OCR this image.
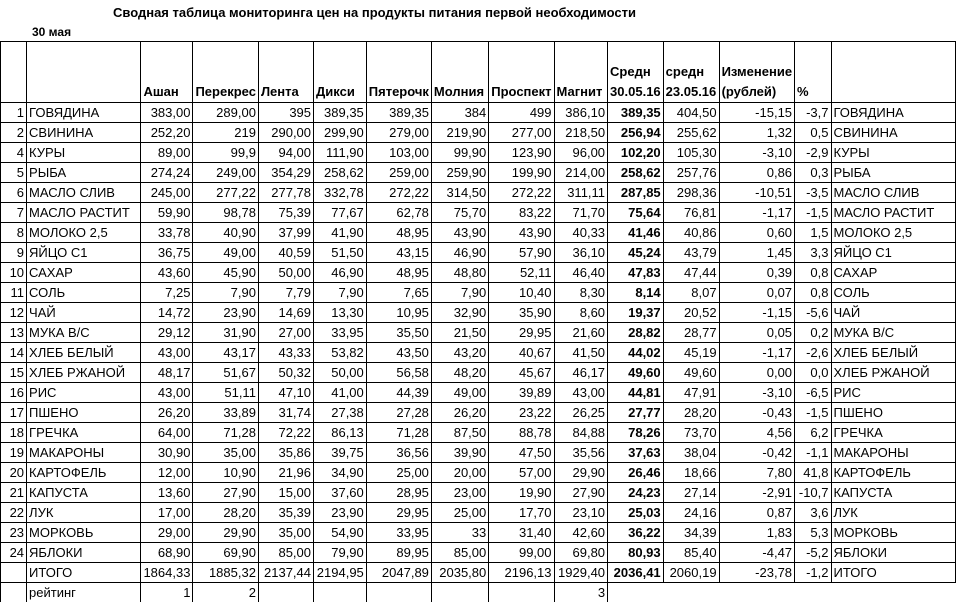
Сводная таблица мониторинга цен на продукты питания первой необходимости
30 мая
		Ашан	Перекрес	Лента	Дикси	Пятерочк	Молния	Проспект	Магнит	Средн 30.05.16	средн 23.05.16	Изменение (рублей)	%	
1	ГОВЯДИНА	383,00	289,00	395	389,35	389,35	384	499	386,10	389,35	404,50	-15,15	-3,7	ГОВЯДИНА
2	СВИНИНА	252,20	219	290,00	299,90	279,00	219,90	277,00	218,50	256,94	255,62	1,32	0,5	СВИНИНА
4	КУРЫ	89,00	99,9	94,00	111,90	103,00	99,90	123,90	96,00	102,20	105,30	-3,10	-2,9	КУРЫ
5	РЫБА	274,24	249,00	354,29	258,62	259,00	259,90	199,90	214,00	258,62	257,76	0,86	0,3	РЫБА
6	МАСЛО СЛИВ	245,00	277,22	277,78	332,78	272,22	314,50	272,22	311,11	287,85	298,36	-10,51	-3,5	МАСЛО СЛИВ
7	МАСЛО РАСТИТ	59,90	98,78	75,39	77,67	62,78	75,70	83,22	71,70	75,64	76,81	-1,17	-1,5	МАСЛО РАСТИТ
8	МОЛОКО 2,5	33,78	40,90	37,99	41,90	48,95	43,90	43,90	40,33	41,46	40,86	0,60	1,5	МОЛОКО 2,5
9	ЯЙЦО С1	36,75	49,00	40,59	51,50	43,15	46,90	57,90	36,10	45,24	43,79	1,45	3,3	ЯЙЦО С1
10	САХАР	43,60	45,90	50,00	46,90	48,95	48,80	52,11	46,40	47,83	47,44	0,39	0,8	САХАР
11	СОЛЬ	7,25	7,90	7,79	7,90	7,65	7,90	10,40	8,30	8,14	8,07	0,07	0,8	СОЛЬ
12	ЧАЙ	14,72	23,90	14,69	13,30	10,95	32,90	35,90	8,60	19,37	20,52	-1,15	-5,6	ЧАЙ
13	МУКА В/С	29,12	31,90	27,00	33,95	35,50	21,50	29,95	21,60	28,82	28,77	0,05	0,2	МУКА В/С
14	ХЛЕБ БЕЛЫЙ	43,00	43,17	43,33	53,82	43,50	43,20	40,67	41,50	44,02	45,19	-1,17	-2,6	ХЛЕБ БЕЛЫЙ
15	ХЛЕБ РЖАНОЙ	48,17	51,67	50,32	50,00	56,58	48,20	45,67	46,17	49,60	49,60	0,00	0,0	ХЛЕБ РЖАНОЙ
16	РИС	43,00	51,11	47,10	41,00	44,39	49,00	39,89	43,00	44,81	47,91	-3,10	-6,5	РИС
17	ПШЕНО	26,20	33,89	31,74	27,38	27,28	26,20	23,22	26,25	27,77	28,20	-0,43	-1,5	ПШЕНО
18	ГРЕЧКА	64,00	71,28	72,22	86,13	71,28	87,50	88,78	84,88	78,26	73,70	4,56	6,2	ГРЕЧКА
19	МАКАРОНЫ	30,90	35,00	35,86	39,75	36,56	39,90	47,50	35,56	37,63	38,04	-0,42	-1,1	МАКАРОНЫ
20	КАРТОФЕЛЬ	12,00	10,90	21,96	34,90	25,00	20,00	57,00	29,90	26,46	18,66	7,80	41,8	КАРТОФЕЛЬ
21	КАПУСТА	13,60	27,90	15,00	37,60	28,95	23,00	19,90	27,90	24,23	27,14	-2,91	-10,7	КАПУСТА
22	ЛУК	17,00	28,20	35,39	23,90	29,95	25,00	17,70	23,10	25,03	24,16	0,87	3,6	ЛУК
23	МОРКОВЬ	29,00	29,90	35,00	54,90	33,95	33	31,40	42,60	36,22	34,39	1,83	5,3	МОРКОВЬ
24	ЯБЛОКИ	68,90	69,90	85,00	79,90	89,95	85,00	99,00	69,80	80,93	85,40	-4,47	-5,2	ЯБЛОКИ
	ИТОГО	1864,33	1885,32	2137,44	2194,95	2047,89	2035,80	2196,13	1929,40	2036,41	2060,19	-23,78	-1,2	ИТОГО
	рейтинг	1	2						3					
